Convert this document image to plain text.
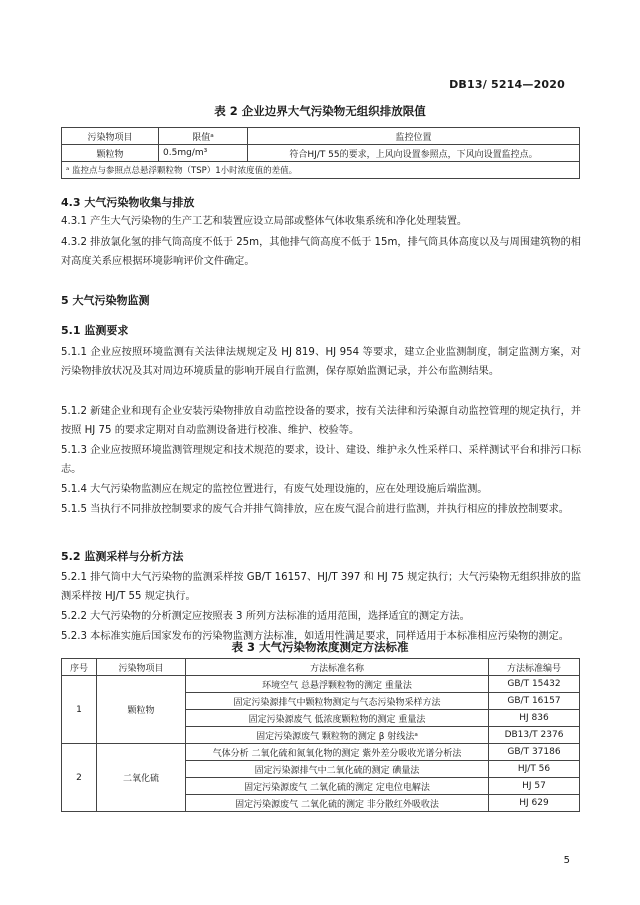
DB13/ 5214—2020
表 2 企业边界大气污染物无组织排放限值
污染物项目	限值ᵃ	监控位置
颗粒物	0.5mg/m³	符合HJ/T 55的要求，上风向设置参照点，下风向设置监控点。
ᵃ 监控点与参照点总悬浮颗粒物（TSP）1小时浓度值的差值。		
4.3 大气污染物收集与排放
4.3.1 产生大气污染物的生产工艺和装置应设立局部或整体气体收集系统和净化处理装置。
4.3.2 排放氯化氢的排气筒高度不低于 25m，其他排气筒高度不低于 15m，排气筒具体高度以及与周围建筑物的相对高度关系应根据环境影响评价文件确定。
5 大气污染物监测
5.1 监测要求
5.1.1 企业应按照环境监测有关法律法规规定及 HJ 819、HJ 954 等要求，建立企业监测制度，制定监测方案，对污染物排放状况及其对周边环境质量的影响开展自行监测，保存原始监测记录，并公布监测结果。
5.1.2 新建企业和现有企业安装污染物排放自动监控设备的要求，按有关法律和污染源自动监控管理的规定执行，并按照 HJ 75 的要求定期对自动监测设备进行校准、维护、校验等。
5.1.3 企业应按照环境监测管理规定和技术规范的要求，设计、建设、维护永久性采样口、采样测试平台和排污口标志。
5.1.4 大气污染物监测应在规定的监控位置进行，有废气处理设施的，应在处理设施后端监测。
5.1.5 当执行不同排放控制要求的废气合并排气筒排放，应在废气混合前进行监测，并执行相应的排放控制要求。
5.2 监测采样与分析方法
5.2.1 排气筒中大气污染物的监测采样按 GB/T 16157、HJ/T 397 和 HJ 75 规定执行；大气污染物无组织排放的监测采样按 HJ/T 55 规定执行。
5.2.2 大气污染物的分析测定应按照表 3 所列方法标准的适用范围，选择适宜的测定方法。
5.2.3 本标准实施后国家发布的污染物监测方法标准，如适用性满足要求，同样适用于本标准相应污染物的测定。
表 3 大气污染物浓度测定方法标准
序号	污染物项目	方法标准名称	方法标准编号
1	颗粒物	环境空气 总悬浮颗粒物的测定 重量法	GB/T 15432
		固定污染源排气中颗粒物测定与气态污染物采样方法	GB/T 16157
		固定污染源废气 低浓度颗粒物的测定 重量法	HJ 836
		固定污染源废气 颗粒物的测定 β 射线法ᵃ	DB13/T 2376
2	二氧化硫	气体分析 二氧化硫和氮氧化物的测定 紫外差分吸收光谱分析法	GB/T 37186
		固定污染源排气中二氧化硫的测定 碘量法	HJ/T 56
		固定污染源废气 二氧化硫的测定 定电位电解法	HJ 57
		固定污染源废气 二氧化硫的测定 非分散红外吸收法	HJ 629
5
